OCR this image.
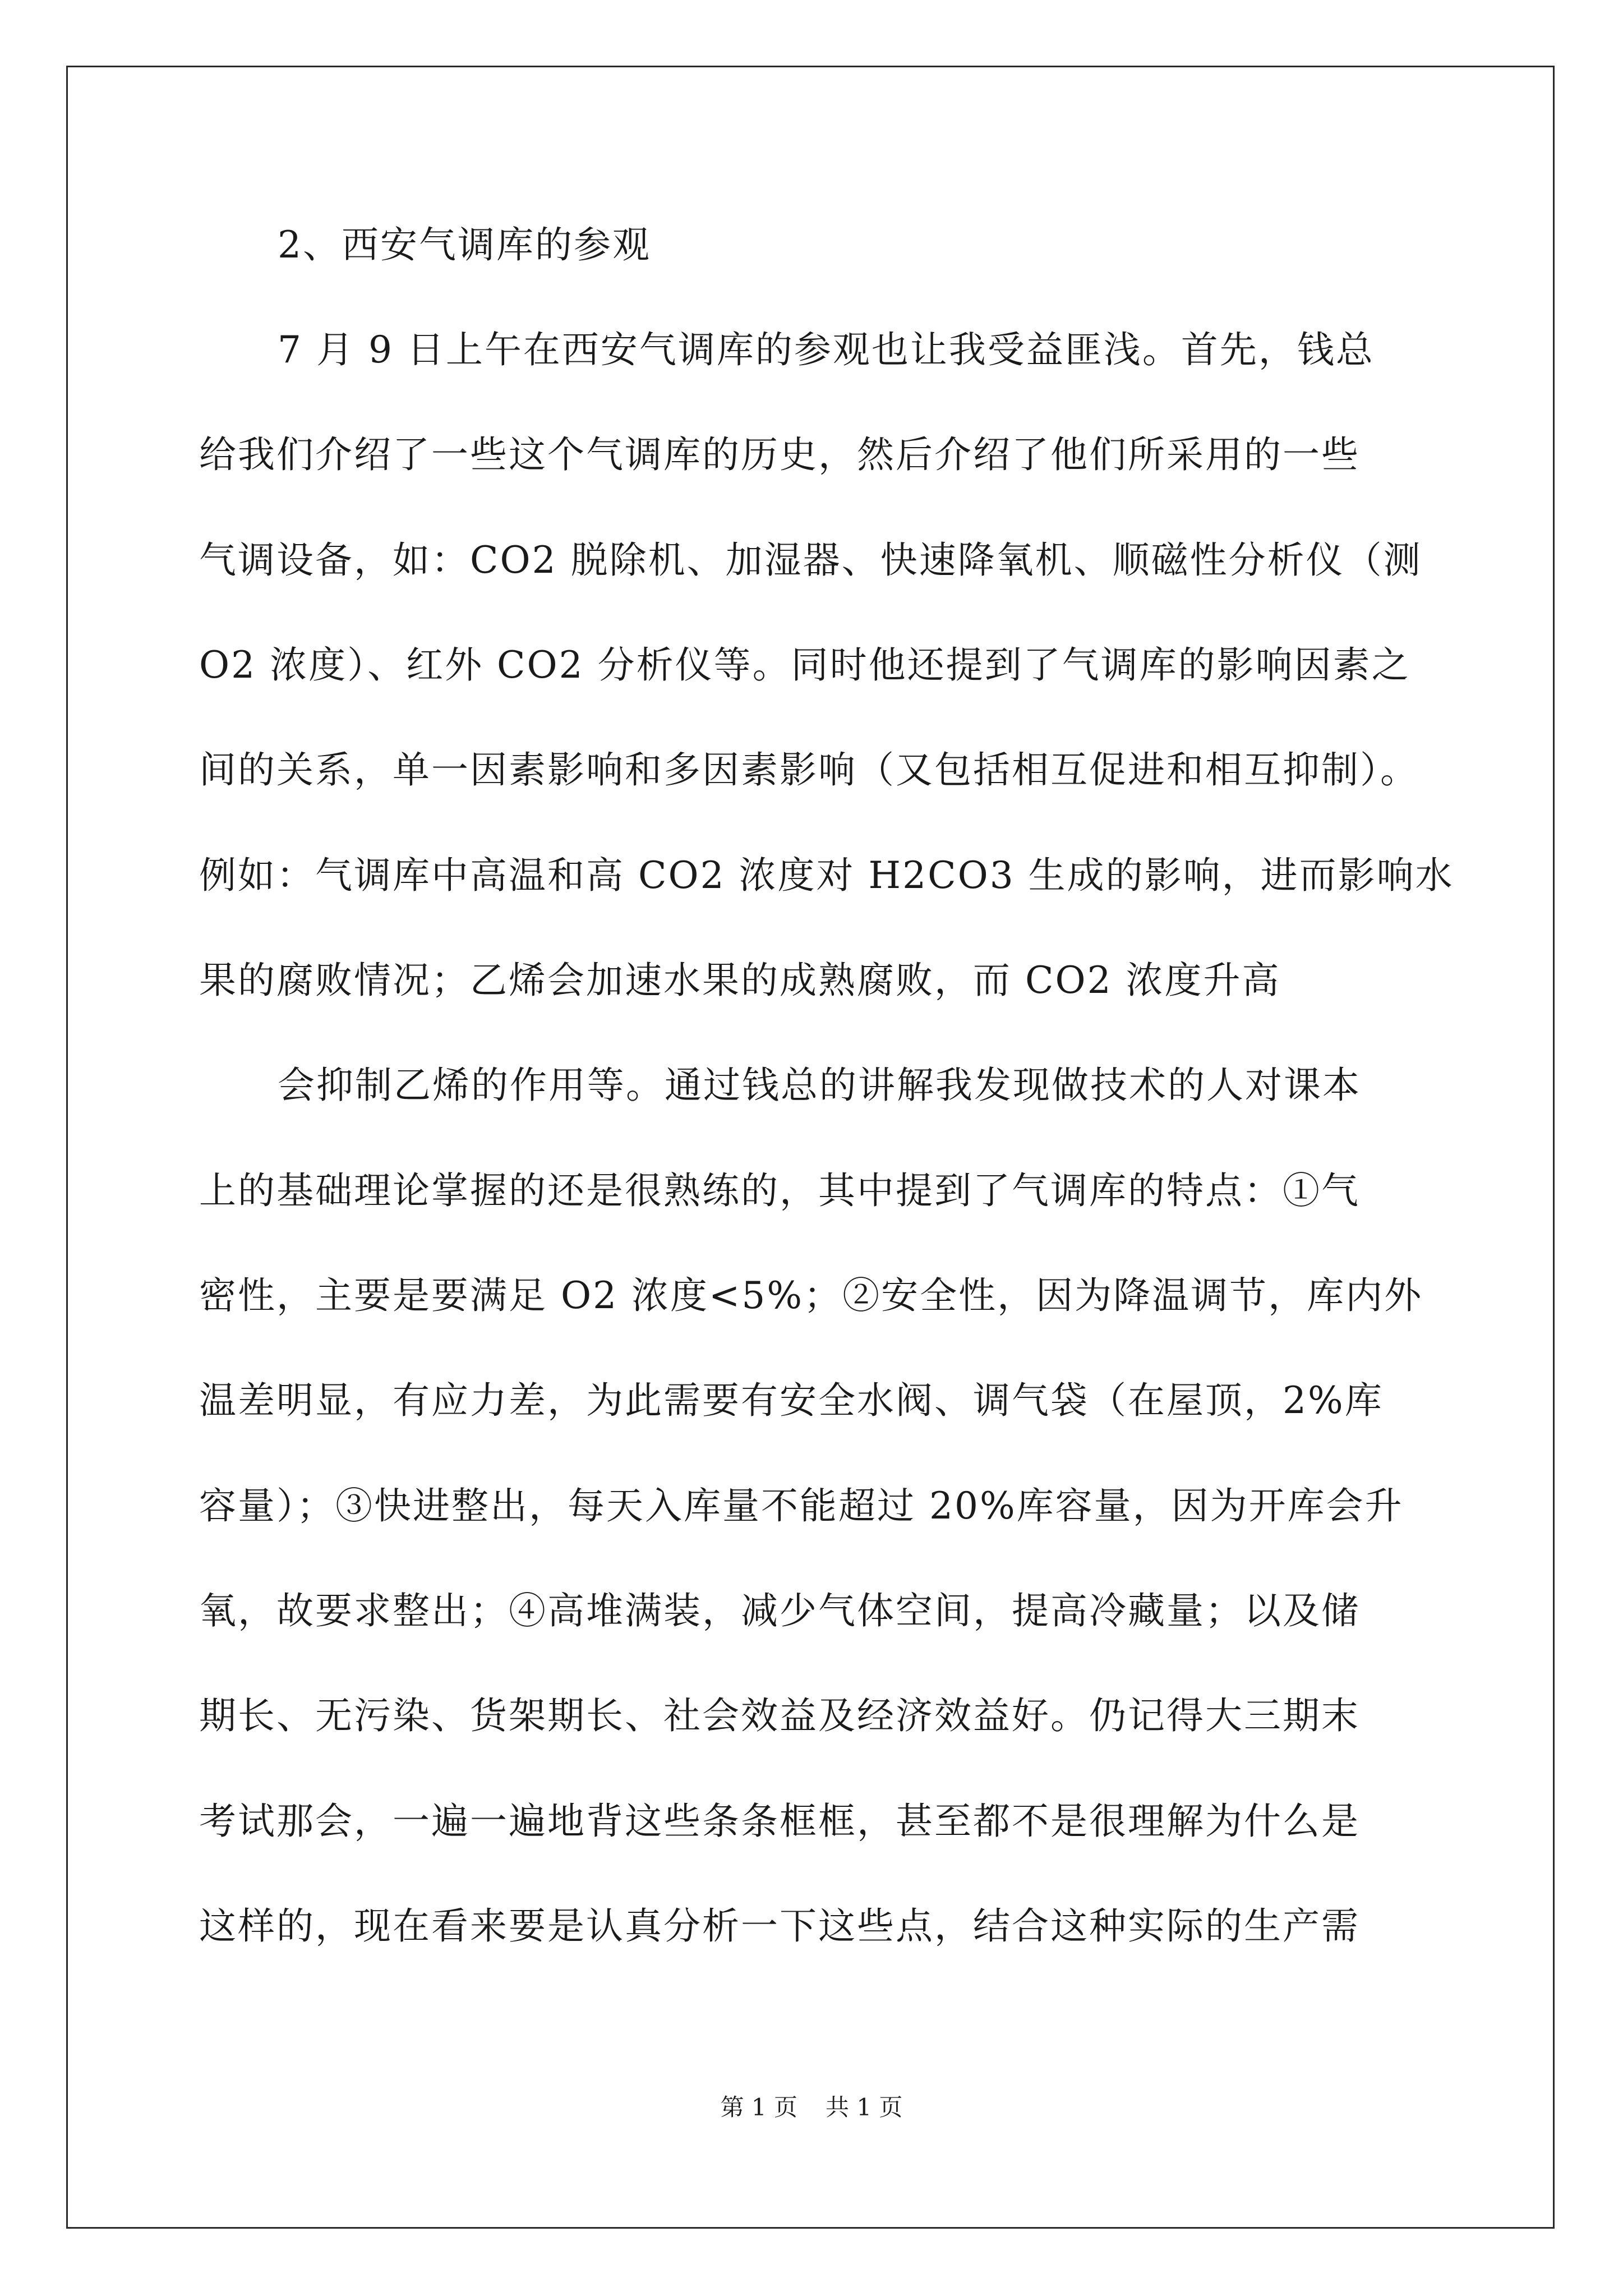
2、西安气调库的参观
7 月 9 日上午在西安气调库的参观也让我受益匪浅。首先，钱总
给我们介绍了一些这个气调库的历史，然后介绍了他们所采用的一些
气调设备，如：CO2 脱除机、加湿器、快速降氧机、顺磁性分析仪（测
O2 浓度）、红外 CO2 分析仪等。同时他还提到了气调库的影响因素之
间的关系，单一因素影响和多因素影响（又包括相互促进和相互抑制）。
例如：气调库中高温和高 CO2 浓度对 H2CO3 生成的影响，进而影响水
果的腐败情况；乙烯会加速水果的成熟腐败，而 CO2 浓度升高
会抑制乙烯的作用等。通过钱总的讲解我发现做技术的人对课本
上的基础理论掌握的还是很熟练的，其中提到了气调库的特点：①气
密性，主要是要满足 O2 浓度<5%；②安全性，因为降温调节，库内外
温差明显，有应力差，为此需要有安全水阀、调气袋（在屋顶，2%库
容量）；③快进整出，每天入库量不能超过 20%库容量，因为开库会升
氧，故要求整出；④高堆满装，减少气体空间，提高冷藏量；以及储
期长、无污染、货架期长、社会效益及经济效益好。仍记得大三期末
考试那会，一遍一遍地背这些条条框框，甚至都不是很理解为什么是
这样的，现在看来要是认真分析一下这些点，结合这种实际的生产需
第 1 页 共 1 页
